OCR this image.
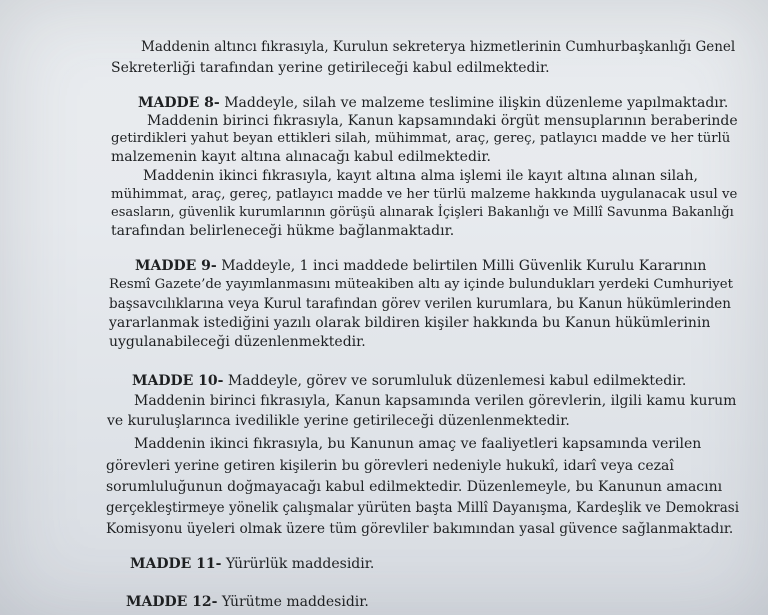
Maddenin altıncı fıkrasıyla, Kurulun sekreterya hizmetlerinin Cumhurbaşkanlığı Genel
Sekreterliği tarafından yerine getirileceği kabul edilmektedir.
MADDE 8- Maddeyle, silah ve malzeme teslimine ilişkin düzenleme yapılmaktadır.
Maddenin birinci fıkrasıyla, Kanun kapsamındaki örgüt mensuplarının beraberinde
getirdikleri yahut beyan ettikleri silah, mühimmat, araç, gereç, patlayıcı madde ve her türlü
malzemenin kayıt altına alınacağı kabul edilmektedir.
Maddenin ikinci fıkrasıyla, kayıt altına alma işlemi ile kayıt altına alınan silah,
mühimmat, araç, gereç, patlayıcı madde ve her türlü malzeme hakkında uygulanacak usul ve
esasların, güvenlik kurumlarının görüşü alınarak İçişleri Bakanlığı ve Millî Savunma Bakanlığı
tarafından belirleneceği hükme bağlanmaktadır.
MADDE 9- Maddeyle, 1 inci maddede belirtilen Milli Güvenlik Kurulu Kararının
Resmî Gazete’de yayımlanmasını müteakiben altı ay içinde bulundukları yerdeki Cumhuriyet
başsavcılıklarına veya Kurul tarafından görev verilen kurumlara, bu Kanun hükümlerinden
yararlanmak istediğini yazılı olarak bildiren kişiler hakkında bu Kanun hükümlerinin
uygulanabileceği düzenlenmektedir.
MADDE 10- Maddeyle, görev ve sorumluluk düzenlemesi kabul edilmektedir.
Maddenin birinci fıkrasıyla, Kanun kapsamında verilen görevlerin, ilgili kamu kurum
ve kuruluşlarınca ivedilikle yerine getirileceği düzenlenmektedir.
Maddenin ikinci fıkrasıyla, bu Kanunun amaç ve faaliyetleri kapsamında verilen
görevleri yerine getiren kişilerin bu görevleri nedeniyle hukukî, idarî veya cezaî
sorumluluğunun doğmayacağı kabul edilmektedir. Düzenlemeyle, bu Kanunun amacını
gerçekleştirmeye yönelik çalışmalar yürüten başta Millî Dayanışma, Kardeşlik ve Demokrasi
Komisyonu üyeleri olmak üzere tüm görevliler bakımından yasal güvence sağlanmaktadır.
MADDE 11- Yürürlük maddesidir.
MADDE 12- Yürütme maddesidir.
